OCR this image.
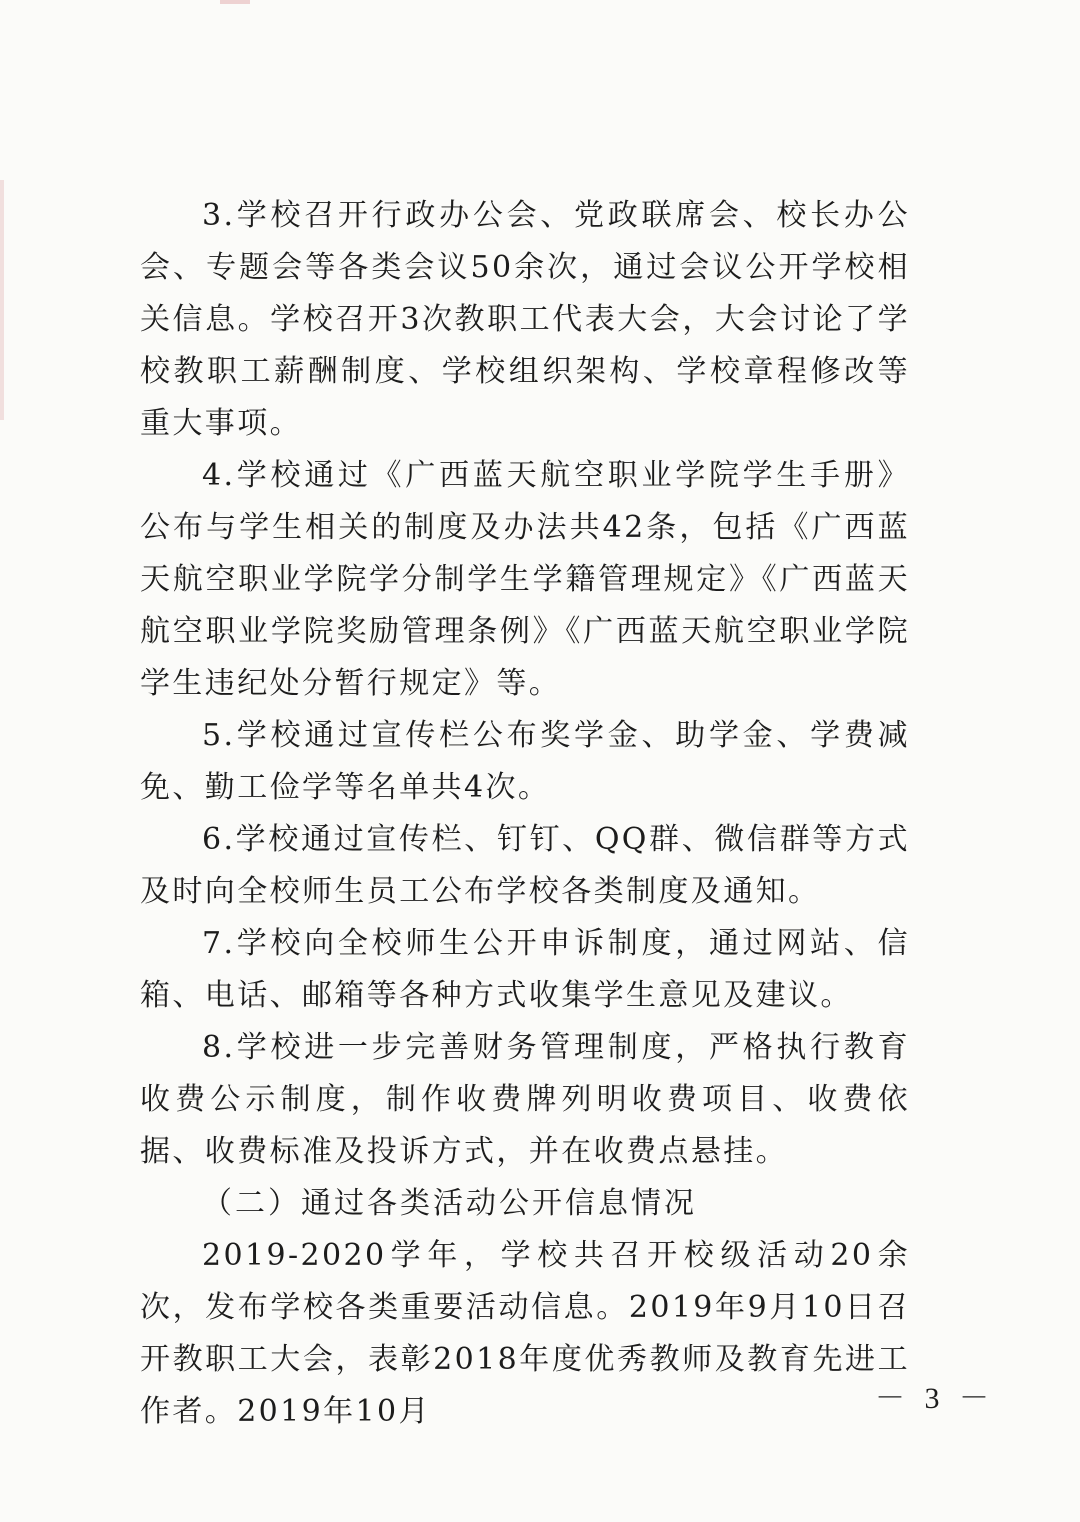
3.学校召开行政办公会、党政联席会、校长办公会、专题会等各类会议50余次，通过会议公开学校相关信息。学校召开3次教职工代表大会，大会讨论了学校教职工薪酬制度、学校组织架构、学校章程修改等重大事项。

4.学校通过《广西蓝天航空职业学院学生手册》公布与学生相关的制度及办法共42条，包括《广西蓝天航空职业学院学分制学生学籍管理规定》《广西蓝天航空职业学院奖励管理条例》《广西蓝天航空职业学院学生违纪处分暂行规定》等。

5.学校通过宣传栏公布奖学金、助学金、学费减免、勤工俭学等名单共4次。

6.学校通过宣传栏、钉钉、QQ群、微信群等方式及时向全校师生员工公布学校各类制度及通知。

7.学校向全校师生公开申诉制度，通过网站、信箱、电话、邮箱等各种方式收集学生意见及建议。

8.学校进一步完善财务管理制度，严格执行教育收费公示制度，制作收费牌列明收费项目、收费依据、收费标准及投诉方式，并在收费点悬挂。

（二）通过各类活动公开信息情况

2019-2020学年，学校共召开校级活动20余次，发布学校各类重要活动信息。2019年9月10日召开教职工大会，表彰2018年度优秀教师及教育先进工作者。2019年10月	－ 3 －
